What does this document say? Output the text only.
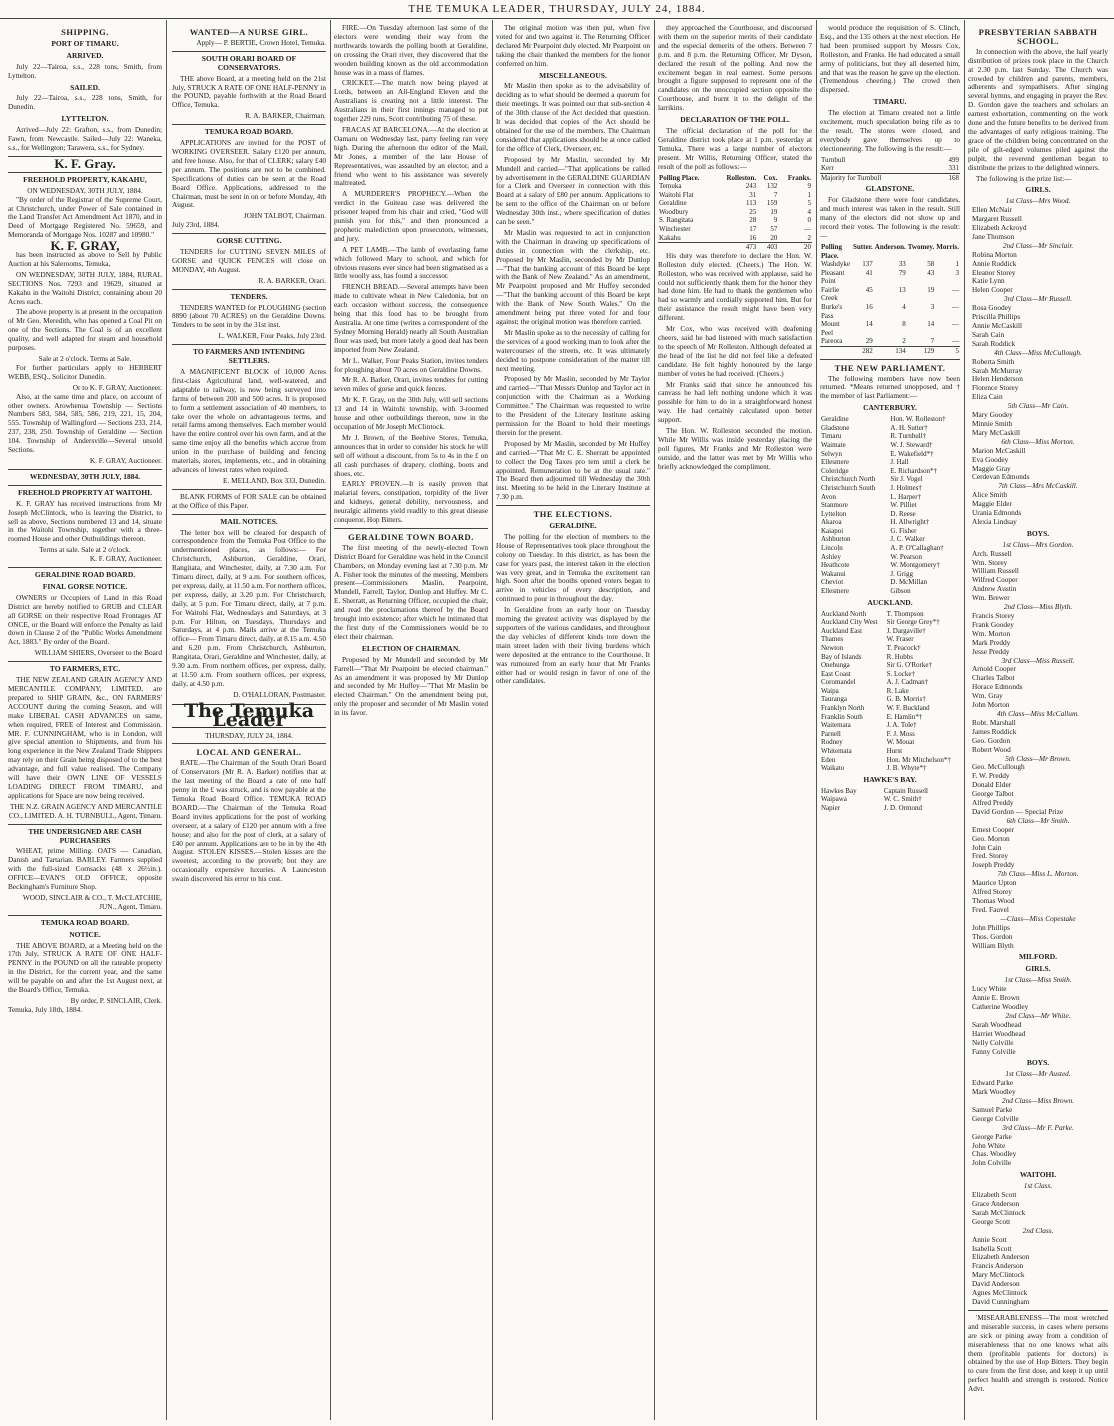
THE TEMUKA LEADER, THURSDAY, JULY 24, 1884.
SHIPPING.
PORT OF TIMARU.
ARRIVED.
July 22—Tairoa, s.s., 228 tons, Smith, from Lyttelton.
SAILED.
July 22—Tairoa, s.s., 228 tons, Smith, for Dunedin.
LYTTELTON.
Arrived—July 22: Grafton, s.s., from Dunedin; Fawn, from Newcastle. Sailed—July 22: Waneka, s.s., for Wellington; Tarawera, s.s., for Sydney.
K. F. Gray.
FREEHOLD PROPERTY, KAKAHU,
ON WEDNESDAY, 30TH JULY, 1884.
"By order of the Registrar of the Supreme Court, at Christchurch, under Power of Sale contained in the Land Transfer Act Amendment Act 1870, and in Deed of Mortgage Registered No. 59659, and Memoranda of Mortgage Nos. 10287 and 10980."
K. F. GRAY,
has been instructed as above to Sell by Public Auction at his Salerooms, Temuka,
ON WEDNESDAY, 30TH JULY, 1884, RURAL SECTIONS Nos. 7293 and 19629, situated at Kakahu in the Waitohi District, containing about 20 Acres each.
The above property is at present in the occupation of Mr Geo. Meredith, who has opened a Coal Pit on one of the Sections. The Coal is of an excellent quality, and well adapted for steam and household purposes.
Sale at 2 o'clock. Terms at Sale.
For further particulars apply to HERBERT WEBB, ESQ., Solicitor Dunedin.
Or to K. F. GRAY, Auctioneer.
Also, at the same time and place, on account of other owners. Arowhenua Township — Sections Numbers 583, 584, 585, 586, 219, 221, 15, 204, 555. Township of Wallingford — Sections 233, 214, 237, 238, 250. Township of Geraldine — Section 104. Township of Andersville—Several unsold Sections.
K. F. GRAY, Auctioneer.
WEDNESDAY, 30TH JULY, 1884.
FREEHOLD PROPERTY AT WAITOHI.
K. F. GRAY has received instructions from Mr Joseph McClintock, who is leaving the District, to sell as above, Sections numbered 13 and 14, situate in the Waitohi Township, together with a three-roomed House and other Outbuildings thereon.
Terms at sale. Sale at 2 o'clock.
K. F. GRAY, Auctioneer.
GERALDINE ROAD BOARD.
FINAL GORSE NOTICE.
OWNERS or Occupiers of Land in this Road District are hereby notified to GRUB and CLEAR all GORSE on their respective Road Frontages AT ONCE, or the Board will enforce the Penalty as laid down in Clause 2 of the "Public Works Amendment Act, 1883." By order of the Board.
WILLIAM SHIERS, Overseer to the Board
TO FARMERS, ETC.
THE NEW ZEALAND GRAIN AGENCY AND MERCANTILE COMPANY, LIMITED, are prepared to SHIP GRAIN, &c., ON FARMERS' ACCOUNT during the coming Season, and will make LIBERAL CASH ADVANCES on same, when required, FREE of Interest and Commission. MR. F. CUNNINGHAM, who is in London, will give special attention to Shipments, and from his long experience in the New Zealand Trade Shippers may rely on their Grain being disposed of to the best advantage, and full value realised. The Company will have their OWN LINE OF VESSELS LOADING DIRECT FROM TIMARU, and applications for Space are now being received.
THE N.Z. GRAIN AGENCY AND MERCANTILE CO., LIMITED. A. H. TURNBULL, Agent, Timaru.
THE UNDERSIGNED ARE CASH PURCHASERS
WHEAT, prime Milling. OATS — Canadian, Danish and Tartarian. BARLEY. Farmers supplied with the full-sized Cornsacks (48 x 26½in.). OFFICE—EVAN'S OLD OFFICE, opposite Beckingham's Furniture Shop.
WOOD, SINCLAIR & CO., T. McCLATCHIE, JUN., Agent, Timaru.
TEMUKA ROAD BOARD.
NOTICE.
THE ABOVE BOARD, at a Meeting held on the 17th July, STRUCK A RATE OF ONE HALF-PENNY in the POUND on all the rateable property in the District, for the current year, and the same will be payable on and after the 1st August next, at the Board's Office, Temuka.
By order, P. SINCLAIR, Clerk.
Temuka, July 18th, 1884.
WANTED—A NURSE GIRL.
Apply— P. BERTIE, Crown Hotel, Temuka.
SOUTH ORARI BOARD OF CONSERVATORS.
THE above Board, at a meeting held on the 21st July, STRUCK A RATE OF ONE HALF-PENNY in the POUND, payable forthwith at the Road Board Office, Temuka.
R. A. BARKER, Chairman.
TEMUKA ROAD BOARD.
APPLICATIONS are invited for the POST of WORKING OVERSEER. Salary £120 per annum, and free house. Also, for that of CLERK; salary £40 per annum. The positions are not to be combined. Specifications of duties can be seen at the Road Board Office. Applications, addressed to the Chairman, must be sent in on or before Monday, 4th August.
JOHN TALBOT, Chairman.
July 23rd, 1884.
GORSE CUTTING.
TENDERS for CUTTING SEVEN MILES of GORSE and QUICK FENCES will close on MONDAY, 4th August.
R. A. BARKER, Orari.
TENDERS.
TENDERS WANTED for PLOUGHING (section 8890 (about 70 ACRES) on the Geraldine Downs. Tenders to be sent in by the 31st inst.
L. WALKER, Four Peaks, July 23rd.
TO FARMERS AND INTENDING SETTLERS.
A MAGNIFICENT BLOCK of 10,000 Acres first-class Agricultural land, well-watered, and adaptable to railway, is now being surveyed into farms of between 200 and 500 acres. It is proposed to form a settlement association of 40 members, to take over the whole on advantageous terms, and retail farms among themselves. Each member would have the entire control over his own farm, and at the same time enjoy all the benefits which accrue from union in the purchase of building and fencing materials, stores, implements, etc., and in obtaining advances of lowest rates when required.
E. MELLAND, Box 333, Dunedin.
BLANK FORMS of FOR SALE can be obtained at the Office of this Paper.
MAIL NOTICES.
The letter box will be cleared for despatch of correspondence from the Temuka Post Office to the undermentioned places, as follows:— For Christchurch, Ashburton, Geraldine, Orari, Rangitata, and Winchester, daily, at 7.30 a.m. For Timaru direct, daily, at 9 a.m. For southern offices, per express, daily, at 11.50 a.m. For northern offices, per express, daily, at 3.20 p.m. For Christchurch, daily, at 5 p.m. For Timaru direct, daily, at 7 p.m. For Waitohi Flat, Wednesdays and Saturdays, at 3 p.m. For Hilton, on Tuesdays, Thursdays and Saturdays, at 4 p.m. Mails arrive at the Temuka office— From Timaru direct, daily, at 8.15 a.m. 4.50 and 6.20 p.m. From Christchurch, Ashburton, Rangitata, Orari, Geraldine and Winchester, daily, at 9.30 a.m. From northern offices, per express, daily, at 11.50 a.m. From southern offices, per express, daily, at 4.50 p.m.
D. O'HALLORAN, Postmaster.
The Temuka Leader
THURSDAY, JULY 24, 1884.
LOCAL AND GENERAL.
RATE.—The Chairman of the South Orari Board of Conservators (Mr R. A. Barker) notifies that at the last meeting of the Board a rate of one half penny in the £ was struck, and is now payable at the Temuka Road Board Office. TEMUKA ROAD BOARD.—The Chairman of the Temuka Road Board invites applications for the post of working overseer, at a salary of £120 per annum with a free house; and also for the post of clerk, at a salary of £40 per annum. Applications are to be in by the 4th August. STOLEN KISSES.—Stolen kisses are the sweetest, according to the proverb; but they are occasionally expensive luxuries. A Launceston swain discovered his error to his cost.
FIRE.—On Tuesday afternoon last some of the electors were wending their way from the northwards towards the polling booth at Geraldine, on crossing the Orari river, they discovered that the wooden building known as the old accommodation house was in a mass of flames.
CRICKET.—The match now being played at Lords, between an All-England Eleven and the Australians is creating not a little interest. The Australians in their first innings managed to put together 229 runs, Scott contributing 75 of these.
FRACAS AT BARCELONA.—At the election at Oamaru on Wednesday last, party feeling ran very high. During the afternoon the editor of the Mail, Mr Jones, a member of the late House of Representatives, was assaulted by an elector, and a friend who went to his assistance was severely maltreated.
A MURDERER'S PROPHECY.—When the verdict in the Guiteau case was delivered the prisoner leaped from his chair and cried, "God will punish you for this," and then pronounced a prophetic malediction upon prosecutors, witnesses, and jury.
A PET LAMB.—The lamb of everlasting fame which followed Mary to school, and which for obvious reasons ever since had been stigmatised as a little woolly ass, has found a successor.
FRENCH BREAD.—Several attempts have been made to cultivate wheat in New Caledonia, but on each occasion without success, the consequence being that this food has to be brought from Australia. At one time (writes a correspondent of the Sydney Morning Herald) nearly all South Australian flour was used, but more lately a good deal has been imported from New Zealand.
Mr L. Walker, Four Peaks Station, invites tenders for ploughing about 70 acres on Geraldine Downs.
Mr R. A. Barker, Orari, invites tenders for cutting seven miles of gorse and quick fences.
Mr K. F. Gray, on the 30th July, will sell sections 13 and 14 in Waitohi township, with 3-roomed house and other outbuildings thereon, now in the occupation of Mr Joseph McClintock.
Mr J. Brown, of the Beehive Stores, Temuka, announces that in order to consider his stock he will sell off without a discount, from 5s to 4s in the £ on all cash purchases of drapery, clothing, boots and shoes, etc.
EARLY PROVEN.—It is easily proven that malarial fevers, constipation, torpidity of the liver and kidneys, general debility, nervousness, and neuralgic ailments yield readily to this great disease conqueror, Hop Bitters.
GERALDINE TOWN BOARD.
The first meeting of the newly-elected Town District Board for Geraldine was held in the Council Chambers, on Monday evening last at 7.30 p.m. Mr A. Fisher took the minutes of the meeting. Members present—Commissioners Maslin, Pearpoint, Mundell, Farrell, Taylor, Dunlop and Huffey. Mr C. E. Sherratt, as Returning Officer, occupied the chair, and read the proclamations thereof by the Board brought into existence; after which he intimated that the first duty of the Commissioners would be to elect their chairman.
ELECTION OF CHAIRMAN.
Proposed by Mr Mundell and seconded by Mr Farrell—"That Mr Pearpoint be elected chairman." As an amendment it was proposed by Mr Dunlop and seconded by Mr Huffey—"That Mr Maslin be elected Chairman." On the amendment being put, only the proposer and seconder of Mr Maslin voted in its favor.
The original motion was then put, when five voted for and two against it. The Returning Officer declared Mr Pearpoint duly elected. Mr Pearpoint on taking the chair thanked the members for the honor conferred on him.
MISCELLANEOUS.
Mr Maslin then spoke as to the advisability of deciding as to what should be deemed a quorum for their meetings. It was pointed out that sub-section 4 of the 30th clause of the Act decided that question. It was decided that copies of the Act should be obtained for the use of the members. The Chairman considered that applications should be at once called for the office of Clerk, Overseer, etc.
Proposed by Mr Maslin, seconded by Mr Mundell and carried—"That applications be called by advertisement in the GERALDINE GUARDIAN for a Clerk and Overseer in connection with this Board at a salary of £80 per annum. Applications to be sent to the office of the Chairman on or before Wednesday 30th inst., where specification of duties can be seen."
Mr Maslin was requested to act in conjunction with the Chairman in drawing up specifications of duties in connection with the clerkship, etc. Proposed by Mr Maslin, seconded by Mr Dunlop—"That the banking account of this Board be kept with the Bank of New Zealand." As an amendment, Mr Pearpoint proposed and Mr Huffey seconded—"That the banking account of this Board be kept with the Bank of New South Wales." On the amendment being put three voted for and four against; the original motion was therefore carried.
Mr Maslin spoke as to the necessity of calling for the services of a good working man to look after the watercourses of the streets, etc. It was ultimately decided to postpone consideration of the matter till next meeting.
Proposed by Mr Maslin, seconded by Mr Taylor and carried—"That Messrs Dunlop and Taylor act in conjunction with the Chairman as a Working Committee." The Chairman was requested to write to the President of the Literary Institute asking permission for the Board to hold their meetings therein for the present.
Proposed by Mr Maslin, seconded by Mr Huffey and carried—"That Mr C. E. Sherratt be appointed to collect the Dog Taxes pro tem until a clerk be appointed. Remuneration to be at the usual rate." The Board then adjourned till Wednesday the 30th inst. Meeting to be held in the Literary Institute at 7.30 p.m.
THE ELECTIONS.
GERALDINE.
The polling for the election of members to the House of Representatives took place throughout the colony on Tuesday. In this district, as has been the case for years past, the interest taken in the election was very great, and in Temuka the excitement ran high. Soon after the booths opened voters began to arrive in vehicles of every description, and continued to pour in throughout the day.
In Geraldine from an early hour on Tuesday morning the greatest activity was displayed by the supporters of the various candidates, and throughout the day vehicles of different kinds tore down the main street laden with their living burdens which were deposited at the entrance to the Courthouse. It was rumoured from an early hour that Mr Franks either had or would resign in favor of one of the other candidates.
they approached the Courthouse, and discoursed with them on the superior merits of their candidate and the especial demerits of the others. Between 7 p.m. and 8 p.m. the Returning Officer, Mr Dyson, declared the result of the polling. And now the excitement began in real earnest. Some persons brought a figure supposed to represent one of the candidates on the unoccupied section opposite the Courthouse, and burnt it to the delight of the larrikins.
DECLARATION OF THE POLL.
The official declaration of the poll for the Geraldine district took place at 1 p.m. yesterday at Temuka. There was a large number of electors present. Mr Willis, Returning Officer, stated the result of the poll as follows:—
Polling Place.	Rolleston.	Cox.	Franks.
Temuka	243	132	9
Waitohi Flat	31	7	1
Geraldine	113	159	5
Woodbury	25	19	4
S. Rangitata	28	9	0
Winchester	17	57	—
Kakahu	16	20	2
	473	403	20
His duty was therefore to declare the Hon. W. Rolleston duly elected. (Cheers.) The Hon. W. Rolleston, who was received with applause, said he could not sufficiently thank them for the honor they had done him. He had to thank the gentlemen who had so warmly and cordially supported him. But for their assistance the result might have been very different.
Mr Cox, who was received with deafening cheers, said he had listened with much satisfaction to the speech of Mr Rolleston. Although defeated at the head of the list he did not feel like a defeated candidate. He felt highly honoured by the large number of votes he had received. (Cheers.)
Mr Franks said that since he announced his canvass he had left nothing undone which it was possible for him to do in a straightforward honest way. He had certainly calculated upon better support.
The Hon. W. Rolleston seconded the motion. While Mr Willis was inside yesterday placing the poll figures, Mr Franks and Mr Rolleston were outside, and the latter was met by Mr Willis who briefly acknowledged the compliment.
would produce the requisition of S. Clinch, Esq., and the 135 others at the next election. He had been promised support by Messrs Cox, Rolleston, and Franks. He had educated a small army of politicians, but they all deserted him, and that was the reason he gave up the election. (Tremendous cheering.) The crowd then dispersed.
TIMARU.
The election at Timaru created not a little excitement, much speculation being rife as to the result. The stores were closed, and everybody gave themselves up to electioneering. The following is the result:—
Turnbull	499
Kerr	331
Majority for Turnbull	168
GLADSTONE.
For Gladstone there were four candidates, and much interest was taken in the result. Still many of the electors did not show up and record their votes. The following is the result:—
Polling Place.	Sutter.	Anderson.	Twomey.	Morris.
Washdyke	137	33	58	1
Pleasant Point	41	79	43	3
Fairlie Creek	45	13	19	—
Burke's Pass	16	4	3	—
Mount Peel	14	8	14	—
Pareora	29	2	7	—
	282	134	129	5
THE NEW PARLIAMENT.
The following members have now been returned. *Means returned unopposed, and † the member of last Parliament:—
CANTERBURY.
Geraldine	Hon. W. Rolleston†
Gladstone	A. H. Sutter†
Timaru	R. Turnbull†
Waimate	W. J. Steward†
Selwyn	E. Wakefield*†
Ellesmere	J. Hall
Coleridge	E. Richardson*†
Christchurch North	Sir J. Vogel
Christchurch South	J. Holmes†
Avon	L. Harper†
Stanmore	W. Pilliet
Lyttelton	D. Reese
Akaroa	H. Allwright†
Kaiapoi	G. Fisher
Ashburton	J. C. Walker
Lincoln	A. P. O'Callaghan†
Ashley	W. Pearson
Heathcote	W. Montgomery†
Wakanui	J. Grigg
Cheviot	D. McMillan
Ellesmere	Gibson
AUCKLAND.
Auckland North	T. Thompson
Auckland City West	Sir George Grey*†
Auckland East	J. Dargaville†
Thames	W. Fraser
Newton	T. Peacock†
Bay of Islands	R. Hobbs
Onehunga	Sir G. O'Rorke†
East Coast	S. Locke†
Coromandel	A. J. Cadman†
Waipa	R. Lake
Tauranga	G. B. Morris†
Franklyn North	W. F. Buckland
Franklin South	E. Hamlin*†
Waitemata	J. A. Tole†
Parnell	F. J. Moss
Rodney	W. Mouat
Whitemata	Hurst
Eden	Hon. Mr Mitchelson*†
Waikato	J. B. Whyte*†
HAWKE'S BAY.
Hawkes Bay	Captain Russell
Waipawa	W. C. Smith†
Napier	J. D. Ormond
PRESBYTERIAN SABBATH SCHOOL.
In connection with the above, the half yearly distribution of prizes took place in the Church at 2.30 p.m. last Sunday. The Church was crowded by children and parents, members, adherents and sympathisers. After singing several hymns, and engaging in prayer the Rev. D. Gordon gave the teachers and scholars an earnest exhortation, commenting on the work done and the future benefits to be derived from the advantages of early religious training. The grace of the children being concentrated on the pile of gilt-edged volumes piled against the pulpit, the reverend gentleman began to distribute the prizes to the delighted winners.
The following is the prize list:—
GIRLS.
1st Class—Mrs Wood.
Ellen McNair
Margaret Russell
Elizabeth Ackroyd
Jane Thomson
2nd Class—Mr Sinclair.
Robina Morton
Annie Roddick
Eleanor Storey
Katie Lynn
Helen Cooper
3rd Class—Mr Russell.
Rosa Goodey
Priscilla Phillips
Annie McCaskill
Sarah Cain
Sarah Roddick
4th Class—Miss McCullough.
Roberta Smith
Sarah McMurray
Helen Henderson
Florence Storey
Eliza Cain
5th Class—Mr Cain.
Mary Goodey
Minnie Smith
Mary McCaskill
6th Class—Miss Morton.
Marion McCaskill
Eva Goodey
Maggie Gray
Cerdevan Edmonds
7th Class—Mrs McCaskill.
Alice Smith
Maggie Elder
Urania Edmonds
Alexia Lindsay
BOYS.
1st Class—Mrs Gordon.
Arch. Russell
Wm. Storey
William Russell
Wilfred Cooper
Andrew Austin
Wm. Brewer
2nd Class—Miss Blyth.
Francis Storey
Frank Goodey
Wm. Morton
Mark Preddy
Jesse Preddy
3rd Class—Miss Russell.
Arnold Cooper
Charles Talbot
Horace Edmonds
Wm. Gray
John Morton
4th Class—Miss McCallum.
Robt. Marshall
James Roddick
Geo. Gordon
Robert Wood
5th Class—Mr Brown.
Geo. McCullough
F. W. Preddy
Donald Elder
George Talbot
Alfred Preddy
David Gordon — Special Prize
6th Class—Mr Smith.
Ernest Cooper
Geo. Morton
John Cain
Fred. Storey
Joseph Preddy
7th Class—Miss L. Morton.
Maurice Upton
Alfred Storey
Thomas Wood
Fred. Fauvel
—Class—Miss Copestake
John Phillips
Thos. Gordon
William Blyth
MILFORD.
GIRLS.
1st Class—Miss Smith.
Lucy White
Annie E. Brown
Catherine Woodley
2nd Class—Mr White.
Sarah Woodhead
Harriet Woodhead
Nelly Colville
Fanny Colville
BOYS.
1st Class—Mr Austed.
Edward Parke
Mark Woodley
2nd Class—Miss Brown.
Samuel Parke
George Colville
3rd Class—Mr F. Parke.
George Parke
John White
Chas. Woodley
John Colville
WAITOHI.
1st Class.
Elizabeth Scott
Grace Anderson
Sarah McClintock
George Scott
2nd Class.
Annie Scott
Isabella Scott
Elizabeth Anderson
Francis Anderson
Mary McClintock
David Anderson
Agnes McClintock
David Cunningham
'MISEARABLENESS—The most wretched and miserable success, in cases where persons are sick or pining away from a condition of miserableness that no one knows what ails them (profitable patients for doctors) is obtained by the use of Hop Bitters. They begin to cure from the first dose, and keep it up until perfect health and strength is restored. Notice Advt.
